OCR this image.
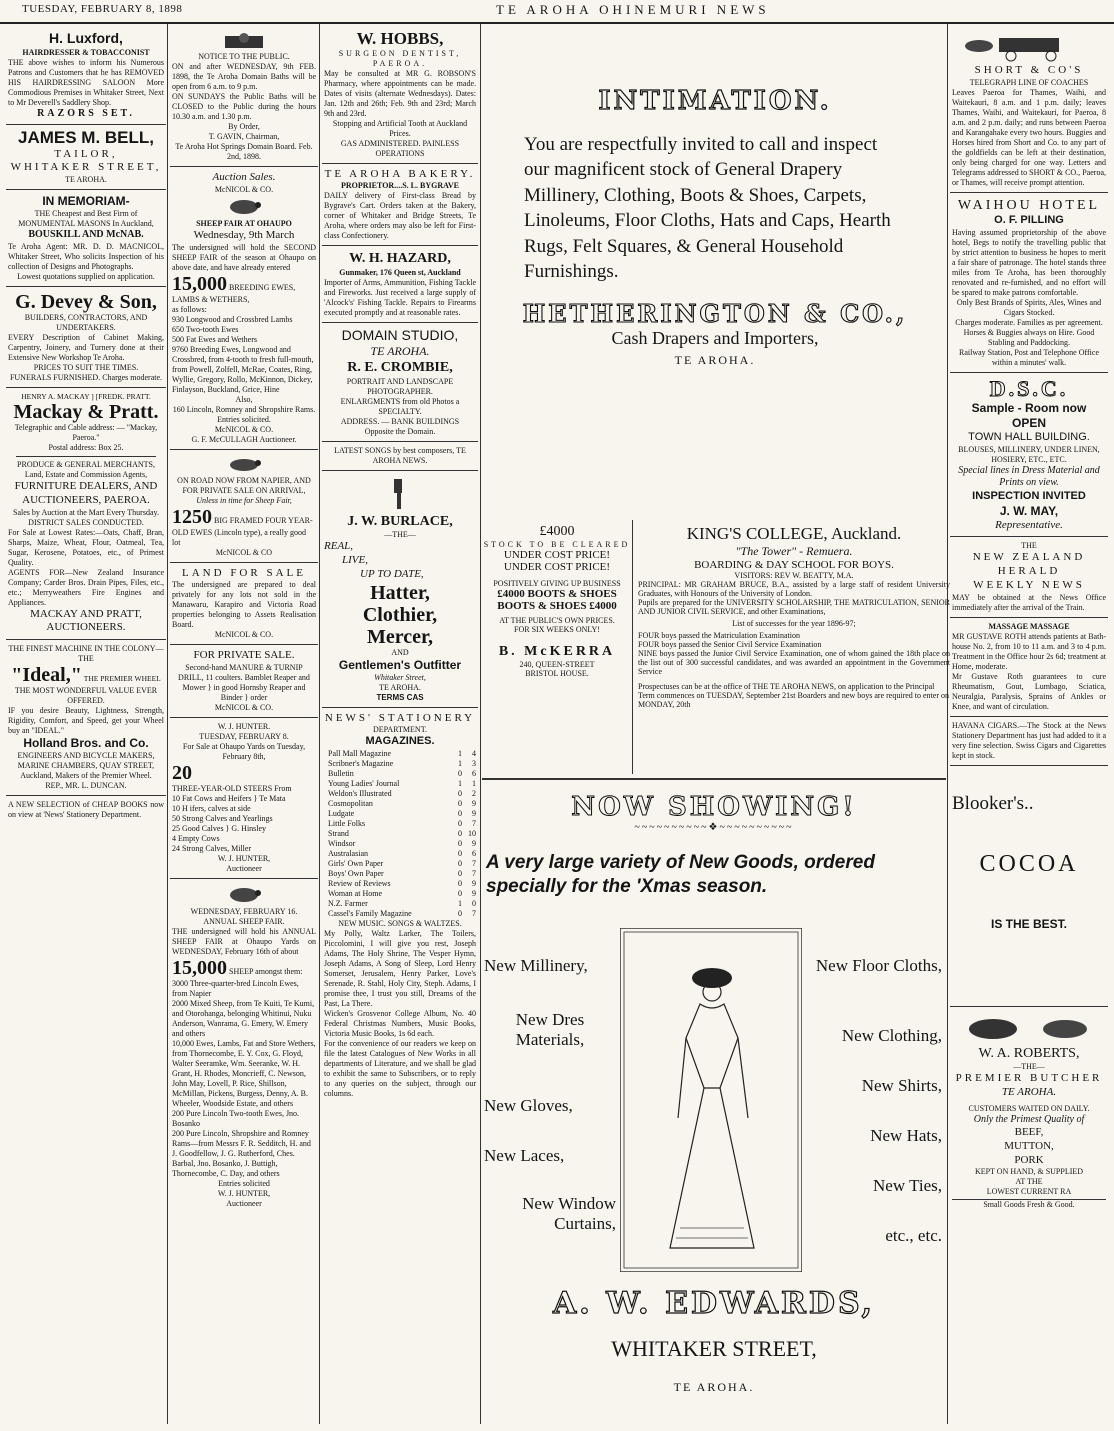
TUESDAY, FEBRUARY 8, 1898	TE AROHA OHINEMURI NEWS
H. Luxford,
HAIRDRESSER & TOBACCONIST
THE above wishes to inform his Numerous Patrons and Customers that he has REMOVED HIS HAIRDRESSING SALOON More Commodious Premises in Whitaker Street, Next to Mr Deverell's Saddlery Shop.
RAZORS SET.
JAMES M. BELL,
TAILOR,
WHITAKER STREET,
TE AROHA.
IN MEMORIAM-
THE Cheapest and Best Firm of MONUMENTAL MASONS In Auckland,
BOUSKILL AND McNAB.
Te Aroha Agent: MR. D. D. MACNICOL, Whitaker Street, Who solicits Inspection of his collection of Designs and Photographs.
Lowest quotations supplied on application.
G. Devey & Son,
BUILDERS, CONTRACTORS, AND UNDERTAKERS.
EVERY Description of Cabinet Making, Carpentry, Joinery, and Turnery done at their Extensive New Workshop Te Aroha.
PRICES TO SUIT THE TIMES.
FUNERALS FURNISHED. Charges moderate.
HENRY A. MACKAY ] [FREDK. PRATT.
Mackay & Pratt.
Telegraphic and Cable address: — "Mackay, Paeroa."
Postal address: Box 25.
PRODUCE & GENERAL MERCHANTS, Land, Estate and Commission Agents,
FURNITURE DEALERS, AND
AUCTIONEERS, PAEROA.
Sales by Auction at the Mart Every Thursday.
DISTRICT SALES CONDUCTED.
For Sale at Lowest Rates:—Oats, Chaff, Bran, Sharps, Maize, Wheat, Flour, Oatmeal, Tea, Sugar, Kerosene, Potatoes, etc., of Primest Quality.
AGENTS FOR—New Zealand Insurance Company; Carder Bros. Drain Pipes, Files, etc., etc.; Merryweathers Fire Engines and Appliances.
MACKAY AND PRATT, AUCTIONEERS.
THE FINEST MACHINE IN THE COLONY—THE
"Ideal," THE PREMIER WHEEL
THE MOST WONDERFUL VALUE EVER OFFERED.
IF you desire Beauty, Lightness, Strength, Rigidity, Comfort, and Speed, get your Wheel buy an "IDEAL."
Holland Bros. and Co.
ENGINEERS AND BICYCLE MAKERS, MARINE CHAMBERS, QUAY STREET, Auckland, Makers of the Premier Wheel.
REP., MR. L. DUNCAN.
A NEW SELECTION of CHEAP BOOKS now on view at 'News' Stationery Department.
NOTICE TO THE PUBLIC.
ON and after WEDNESDAY, 9th FEB. 1898, the Te Aroha Domain Baths will be open from 6 a.m. to 9 p.m.
ON SUNDAYS the Public Baths will be CLOSED to the Public during the hours 10.30 a.m. and 1.30 p.m.
By Order,
T. GAVIN, Chairman,
Te Aroha Hot Springs Domain Board. Feb. 2nd, 1898.
Auction Sales.
McNICOL & CO.
SHEEP FAIR AT OHAUPO
Wednesday, 9th March
The undersigned will hold the SECOND SHEEP FAIR of the season at Ohaupo on above date, and have already entered
15,000 BREEDING EWES, LAMBS & WETHERS,
as follows:
930 Longwood and Crossbred Lambs
650 Two-tooth Ewes
500 Fat Ewes and Wethers
9760 Breeding Ewes, Longwood and Crossbred, from 4-tooth to fresh full-mouth, from Powell, Zolfell, McRae, Coates, Ring, Wyllie, Gregory, Rollo, McKinnon, Dickey, Finlayson, Buckland, Grice, Hine
Also,
160 Lincoln, Romney and Shropshire Rams.
Entries solicited.
McNICOL & CO.
G. F. McCULLAGH Auctioneer.
ON ROAD NOW FROM NAPIER, AND FOR PRIVATE SALE ON ARRIVAL,
Unless in time for Sheep Fair,
1250 BIG FRAMED FOUR YEAR-OLD EWES (Lincoln type), a really good lot
McNICOL & CO
LAND FOR SALE
The undersigned are prepared to deal privately for any lots not sold in the Manawaru, Karapiro and Victoria Road properties belonging to Assets Realisation Board.
McNICOL & CO.
FOR PRIVATE SALE.
Second-hand MANURE & TURNIP DRILL, 11 coulters. Bamblet Reaper and Mower } in good Hornsby Reaper and Binder } order
McNICOL & CO.
W. J. HUNTER.
TUESDAY, FEBRUARY 8.
For Sale at Ohaupo Yards on Tuesday, February 8th,
20
THREE-YEAR-OLD STEERS From
10 Fat Cows and Heifers } Te Mata
10 H ifers, calves at side
50 Strong Calves and Yearlings
25 Good Calves } G. Hinsley
4 Empty Cows
24 Strong Calves, Miller
W. J. HUNTER,
Auctioneer
WEDNESDAY, FEBRUARY 16.
ANNUAL SHEEP FAIR.
THE undersigned will hold his ANNUAL SHEEP FAIR at Ohaupo Yards on WEDNESDAY, February 16th of about
15,000 SHEEP amongst them:
3000 Three-quarter-bred Lincoln Ewes, from Napier
2000 Mixed Sheep, from Te Kuiti, Te Kumi, and Otorohanga, belonging Whitinui, Nuku Anderson, Wanrama, G. Emery, W. Emery and others
10,000 Ewes, Lambs, Fat and Store Wethers, from Thornecombe, E. Y. Cox, G. Floyd, Walter Seeramke, Wm. Seeranke, W. H. Grant, H. Rhodes, Moncrieff, C. Newson, John May, Lovell, P. Rice, Shillson, McMillan, Pickens, Burgess, Denny, A. B. Wheeler, Woodside Estate, and others
200 Pure Lincoln Two-tooth Ewes, Jno. Bosanko
200 Pure Lincoln, Shropshire and Romney Rams—from Messrs F. R. Sedditch, H. and J. Goodfellow, J. G. Rutherford, Ches. Barbal, Jno. Bosanko, J. Buttigh, Thornecombe, C. Day, and others
Entries solicited
W. J. HUNTER,
Auctioneer
W. HOBBS,
SURGEON DENTIST, PAEROA.
May be consulted at MR G. ROBSON'S Pharmacy, where appointments can be made. Dates of visits (alternate Wednesdays). Dates: Jan. 12th and 26th; Feb. 9th and 23rd; March 9th and 23rd.
Stopping and Artificial Tooth at Auckland Prices.
GAS ADMINISTERED. PAINLESS OPERATIONS
TE AROHA BAKERY.
PROPRIETOR....S. L. BYGRAVE
DAILY delivery of First-class Bread by Bygrave's Cart. Orders taken at the Bakery, corner of Whitaker and Bridge Streets, Te Aroha, where orders may also be left for First-class Confectionery.
W. H. HAZARD,
Gunmaker, 176 Queen st, Auckland
Importer of Arms, Ammunition, Fishing Tackle and Fireworks. Just received a large supply of 'Alcock's' Fishing Tackle. Repairs to Firearms executed promptly and at reasonable rates.
DOMAIN STUDIO,
TE AROHA.
R. E. CROMBIE,
PORTRAIT AND LANDSCAPE PHOTOGRAPHER.
ENLARGMENTS from old Photos a SPECIALTY.
ADDRESS. — BANK BUILDINGS
Opposite the Domain.
LATEST SONGS by best composers, TE AROHA NEWS.
J. W. BURLACE,
—THE—
REAL,
LIVE,
UP TO DATE,
Hatter,
Clothier,
Mercer,
AND
Gentlemen's Outfitter
Whitaker Street,
TE AROHA.
TERMS CAS
NEWS' STATIONERY
DEPARTMENT.
MAGAZINES.
Pall Mall Magazine	1	4
Scribner's Magazine	1	3
Bulletin	0	6
Young Ladies' Journal	1	1
Weldon's Illustrated	0	2
Cosmopolitan	0	9
Ludgate	0	9
Little Folks	0	7
Strand	0 10
Windsor	0	9
Australasian	0	6
Girls' Own Paper	0	7
Boys' Own Paper	0	7
Review of Reviews	0	9
Woman at Home	0	9
N.Z. Farmer	1	0
Cassel's Family Magazine	0	7
NEW MUSIC. SONGS & WALTZES.
My Polly, Waltz Larker, The Toilers, Piccolomini, I will give you rest, Joseph Adams, The Holy Shrine, The Vesper Hymn, Joseph Adams, A Song of Sleep, Lord Henry Somerset, Jerusalem, Henry Parker, Love's Serenade, R. Stahl, Holy City, Steph. Adams, I promise thee, I trust you still, Dreams of the Past, La There.
Wicken's Grosvenor College Album, No. 40 Federal Christmas Numbers, Music Books, Victoria Music Books, 1s 6d each.
For the convenience of our readers we keep on file the latest Catalogues of New Works in all departments of Literature, and we shall be glad to exhibit the same to Subscribers, or to reply to any queries on the subject, through our columns.
INTIMATION.
You are respectfully invited to call and inspect our magnificent stock of General Drapery Millinery, Clothing, Boots & Shoes, Carpets, Linoleums, Floor Cloths, Hats and Caps, Hearth Rugs, Felt Squares, & General Household Furnishings.
HETHERINGTON & CO.,
Cash Drapers and Importers,
TE AROHA.
£4000
STOCK TO BE CLEARED
UNDER COST PRICE!
UNDER COST PRICE!
POSITIVELY GIVING UP BUSINESS
£4000 BOOTS & SHOES BOOTS & SHOES £4000
AT THE PUBLIC'S OWN PRICES.
FOR SIX WEEKS ONLY!
B. McKERRA
240, QUEEN-STREET
BRISTOL HOUSE.
KING'S COLLEGE, Auckland.
"The Tower" - Remuera.
BOARDING & DAY SCHOOL FOR BOYS.
VISITORS: REV W. BEATTY, M.A.
PRINCIPAL: MR GRAHAM BRUCE, B.A., assisted by a large staff of resident University Graduates, with Honours of the University of London.
Pupils are prepared for the UNIVERSITY SCHOLARSHIP, THE MATRICULATION, SENIOR AND JUNIOR CIVIL SERVICE, and other Examinations,
List of successes for the year 1896-97;
FOUR boys passed the Matriculation Examination
FOUR boys passed the Senior Civil Service Examination
NINE boys passed the Junior Civil Service Examination, one of whom gained the 18th place on the list out of 300 successful candidates, and was awarded an appointment in the Government Service
Prospectuses can be at the office of THE TE AROHA NEWS, on application to the Principal
Term commences on TUESDAY, September 21st Boarders and new boys are required to enter on MONDAY, 20th
NOW SHOWING!
~~~~~~~~~~❖~~~~~~~~~~
A very large variety of New Goods, ordered specially for the 'Xmas season.
New Millinery,
New Dres Materials,
New Gloves,
New Laces,
New Window Curtains,
New Floor Cloths,
New Clothing,
New Shirts,
New Hats,
New Ties,
etc., etc.
A. W. EDWARDS,
WHITAKER STREET,
TE AROHA.
SHORT & CO'S
TELEGRAPH LINE OF COACHES
Leaves Paeroa for Thames, Waihi, and Waitekauri, 8 a.m. and 1 p.m. daily; leaves Thames, Waihi, and Waitekauri, for Paeroa, 8 a.m. and 2 p.m. daily; and runs between Paeroa and Karangahake every two hours. Buggies and Horses hired from Short and Co. to any part of the goldfields can be left at their destination, only being charged for one way. Letters and Telegrams addressed to SHORT & CO., Paeroa, or Thames, will receive prompt attention.
WAIHOU HOTEL
O. F. PILLING
Having assumed proprietorship of the above hotel, Begs to notify the travelling public that by strict attention to business he hopes to merit a fair share of patronage. The hotel stands three miles from Te Aroha, has been thoroughly renovated and re-furnished, and no effort will be spared to make patrons comfortable.
Only Best Brands of Spirits, Ales, Wines and Cigars Stocked.
Charges moderate. Families as per agreement.
Horses & Buggies always on Hire. Good Stabling and Paddocking.
Railway Station, Post and Telephone Office within a minutes' walk.
D.S.C.
Sample - Room now
OPEN
TOWN HALL BUILDING.
BLOUSES, MILLINERY, UNDER LINEN, HOSIERY, ETC., ETC.
Special lines in Dress Material and Prints on view.
INSPECTION INVITED
J. W. MAY,
Representative.
THE
NEW ZEALAND HERALD
WEEKLY NEWS
MAY be obtained at the News Office immediately after the arrival of the Train.
MASSAGE MASSAGE
MR GUSTAVE ROTH attends patients at Bath-house No. 2, from 10 to 11 a.m. and 3 to 4 p.m. Treatment in the Office hour 2s 6d; treatment at Home, moderate.
Mr Gustave Roth guarantees to cure Rheumatism, Gout, Lumbago, Sciatica, Neuralgia, Paralysis, Sprains of Ankles or Knee, and want of circulation.
HAVANA CIGARS.—The Stock at the News Stationery Department has just had added to it a very fine selection. Swiss Cigars and Cigarettes kept in stock.
Blooker's..
COCOA
IS THE BEST.
W. A. ROBERTS,
—THE—
PREMIER BUTCHER
TE AROHA.
CUSTOMERS WAITED ON DAILY.
Only the Primest Quality of
BEEF,
MUTTON,
PORK
KEPT ON HAND, & SUPPLIED
AT THE
LOWEST CURRENT RA
Small Goods Fresh & Good.
